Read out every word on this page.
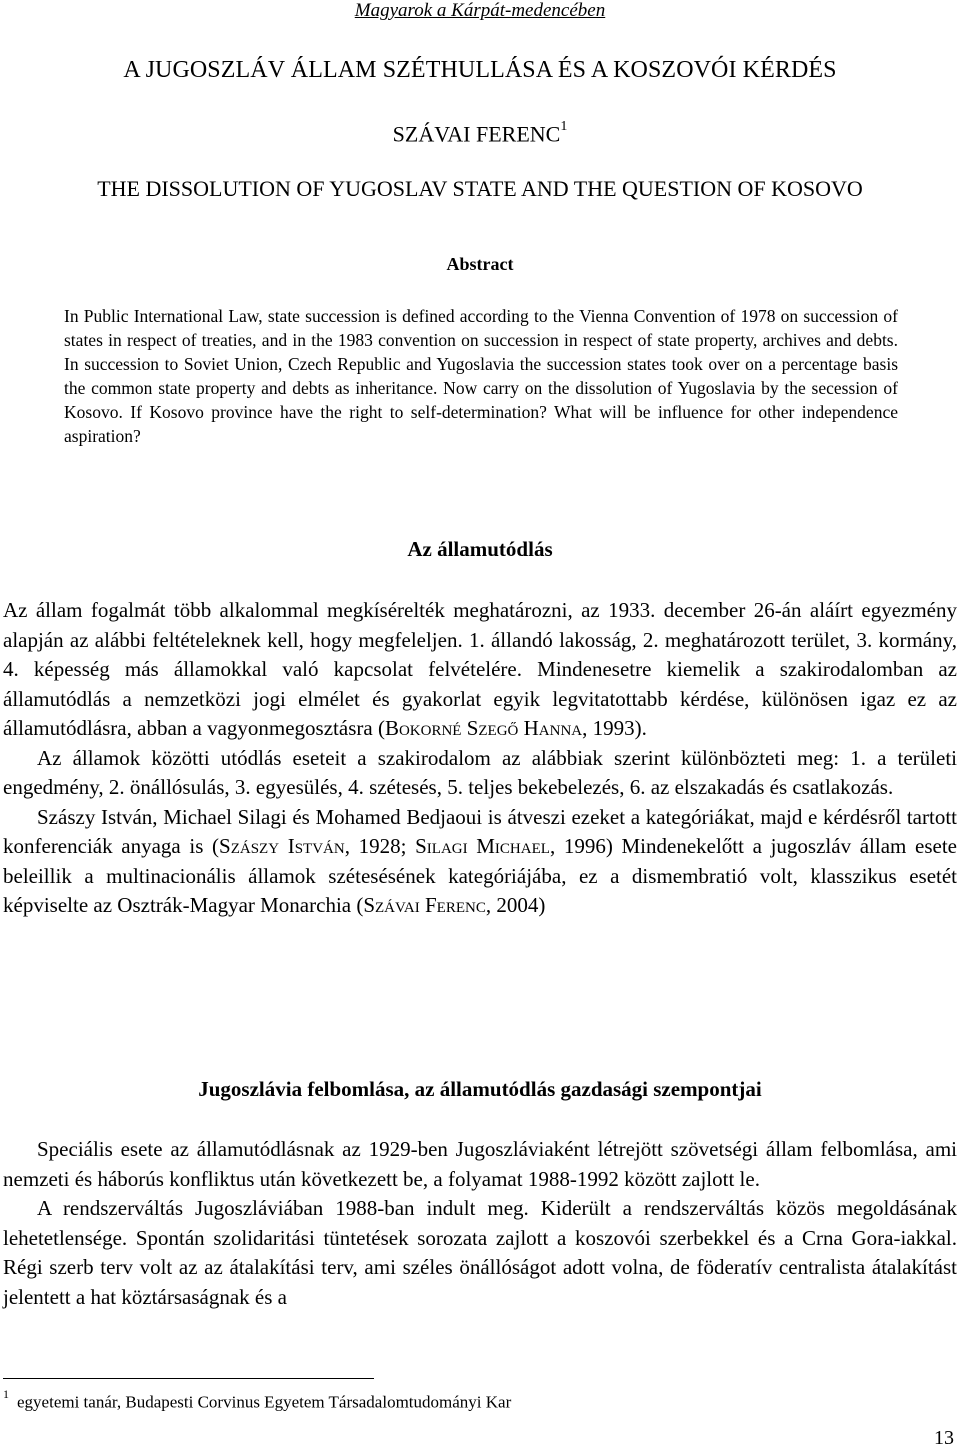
Magyarok a Kárpát-medencében
A JUGOSZLÁV ÁLLAM SZÉTHULLÁSA ÉS A KOSZOVÓI KÉRDÉS
SZÁVAI FERENC$^1$
THE DISSOLUTION OF YUGOSLAV STATE AND THE QUESTION OF KOSOVO
Abstract

In Public International Law, state succession is defined according to the Vienna Convention of 1978 on succession of states in respect of treaties, and in the 1983 convention on succession in respect of state property, archives and debts. In succession to Soviet Union, Czech Republic and Yugoslavia the succession states took over on a percentage basis the common state property and debts as inheritance. Now carry on the dissolution of Yugoslavia by the secession of Kosovo. If Kosovo province have the right to self-determination? What will be influence for other independence aspiration?

Az államutódlás

Az állam fogalmát több alkalommal megkísérelték meghatározni, az 1933. december 26-án aláírt egyezmény alapján az alábbi feltételeknek kell, hogy megfeleljen. 1. állandó lakosság, 2. meghatározott terület, 3. kormány, 4. képesség más államokkal való kapcsolat felvételére. Mindenesetre kiemelik a szakirodalomban az államutódlás a nemzetközi jogi elmélet és gyakorlat egyik legvitatottabb kérdése, különösen igaz ez az államutódlásra, abban a vagyonmegosztásra (Bokorné Szegő Hanna, 1993).

Az államok közötti utódlás eseteit a szakirodalom az alábbiak szerint különbözteti meg: 1. a területi engedmény, 2. önállósulás, 3. egyesülés, 4. szétesés, 5. teljes bekebelezés, 6. az elszakadás és csatlakozás.

Szászy István, Michael Silagi és Mohamed Bedjaoui is átveszi ezeket a kategóriákat, majd e kérdésről tartott konferenciák anyaga is (Szászy István, 1928; Silagi Michael, 1996) Mindenekelőtt a jugoszláv állam esete beleillik a multinacionális államok szétesésének kategóriájába, ez a dismembratió volt, klasszikus esetét képviselte az Osztrák-Magyar Monarchia (Szávai Ferenc, 2004)

Jugoszlávia felbomlása, az államutódlás gazdasági szempontjai

Speciális esete az államutódlásnak az 1929-ben Jugoszláviaként létrejött szövetségi állam felbomlása, ami nemzeti és háborús konfliktus után következett be, a folyamat 1988-1992 között zajlott le.

A rendszerváltás Jugoszláviában 1988-ban indult meg. Kiderült a rendszerváltás közös megoldásának lehetetlensége. Spontán szolidaritási tüntetések sorozata zajlott a koszovói szerbekkel és a Crna Gora-iakkal. Régi szerb terv volt az az átalakítási terv, ami széles önállóságot adott volna, de föderatív centralista átalakítást jelentett a hat köztársaságnak és a

$^1$ egyetemi tanár, Budapesti Corvinus Egyetem Társadalomtudományi Kar
13
